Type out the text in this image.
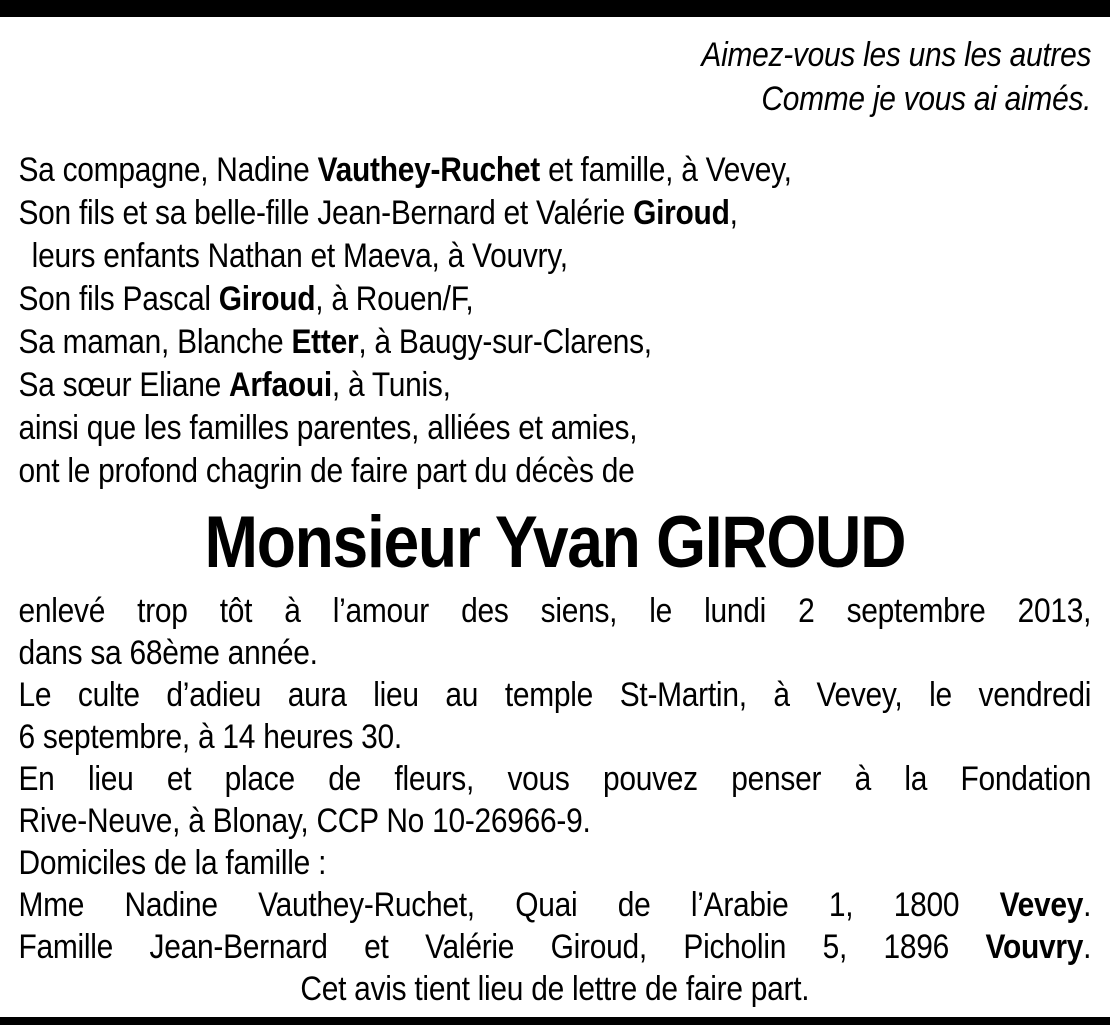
Aimez-vous les uns les autres
Comme je vous ai aimés.
Sa compagne, Nadine Vauthey-Ruchet et famille, à Vevey,
Son fils et sa belle-fille Jean-Bernard et Valérie Giroud,
leurs enfants Nathan et Maeva, à Vouvry,
Son fils Pascal Giroud, à Rouen/F,
Sa maman, Blanche Etter, à Baugy-sur-Clarens,
Sa sœur Eliane Arfaoui, à Tunis,
ainsi que les familles parentes, alliées et amies,
ont le profond chagrin de faire part du décès de
Monsieur Yvan GIROUD
enlevé trop tôt à l’amour des siens, le lundi 2 septembre 2013,
dans sa 68ème année.
Le culte d’adieu aura lieu au temple St-Martin, à Vevey, le vendredi
6 septembre, à 14 heures 30.
En lieu et place de fleurs, vous pouvez penser à la Fondation
Rive-Neuve, à Blonay, CCP No 10-26966-9.
Domiciles de la famille :
Mme Nadine Vauthey-Ruchet, Quai de l’Arabie 1, 1800 Vevey.
Famille Jean-Bernard et Valérie Giroud, Picholin 5, 1896 Vouvry.
Cet avis tient lieu de lettre de faire part.
